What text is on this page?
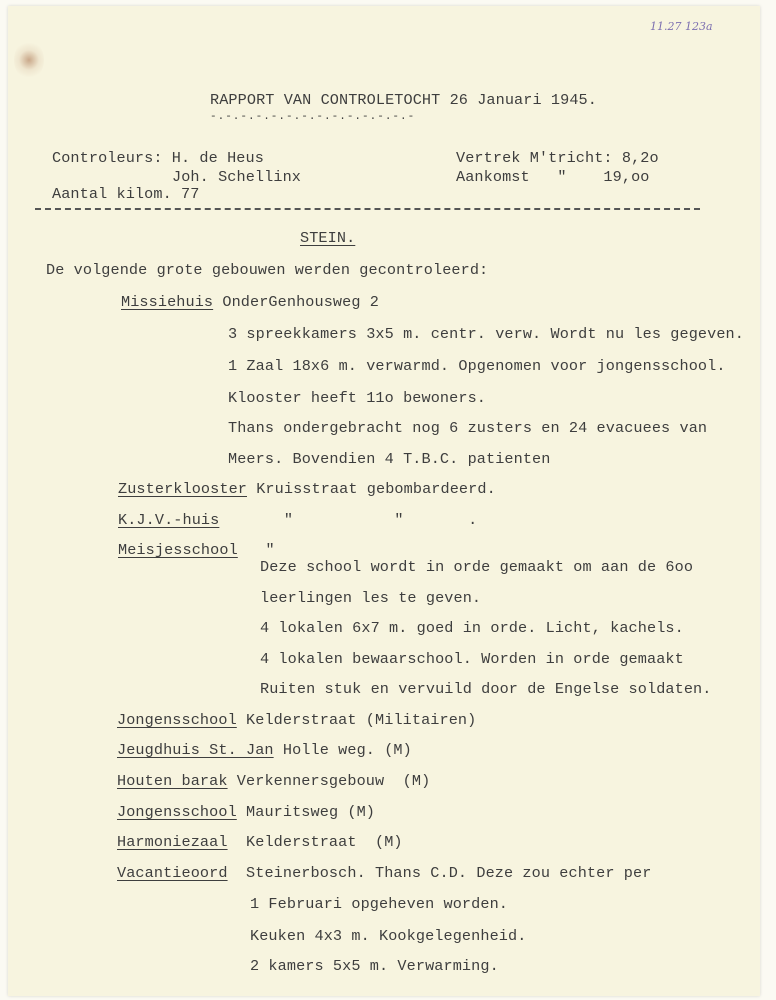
11.27 123a
RAPPORT VAN CONTROLETOCHT 26 Januari 1945.
-.-.-.-.-.-.-.-.-.-.-.-.-.-
Controleurs: H. de Heus
Joh. Schellinx
Aantal kilom. 77
Vertrek M'tricht: 8,2o
Aankomst   "    19,oo
STEIN.
De volgende grote gebouwen werden gecontroleerd:
Missiehuis OnderGenhousweg 2
3 spreekkamers 3x5 m. centr. verw. Wordt nu les gegeven.
1 Zaal 18x6 m. verwarmd. Opgenomen voor jongensschool.
Klooster heeft 11o bewoners.
Thans ondergebracht nog 6 zusters en 24 evacuees van
Meers. Bovendien 4 T.B.C. patienten
Zusterklooster Kruisstraat gebombardeerd.
K.J.V.-huis       "           "       .
Meisjesschool   "
Deze school wordt in orde gemaakt om aan de 6oo
leerlingen les te geven.
4 lokalen 6x7 m. goed in orde. Licht, kachels.
4 lokalen bewaarschool. Worden in orde gemaakt
Ruiten stuk en vervuild door de Engelse soldaten.
Jongensschool Kelderstraat (Militairen)
Jeugdhuis St. Jan Holle weg. (M)
Houten barak Verkennersgebouw  (M)
Jongensschool Mauritsweg (M)
Harmoniezaal  Kelderstraat  (M)
Vacantieoord  Steinerbosch. Thans C.D. Deze zou echter per
1 Februari opgeheven worden.
Keuken 4x3 m. Kookgelegenheid.
2 kamers 5x5 m. Verwarming.
